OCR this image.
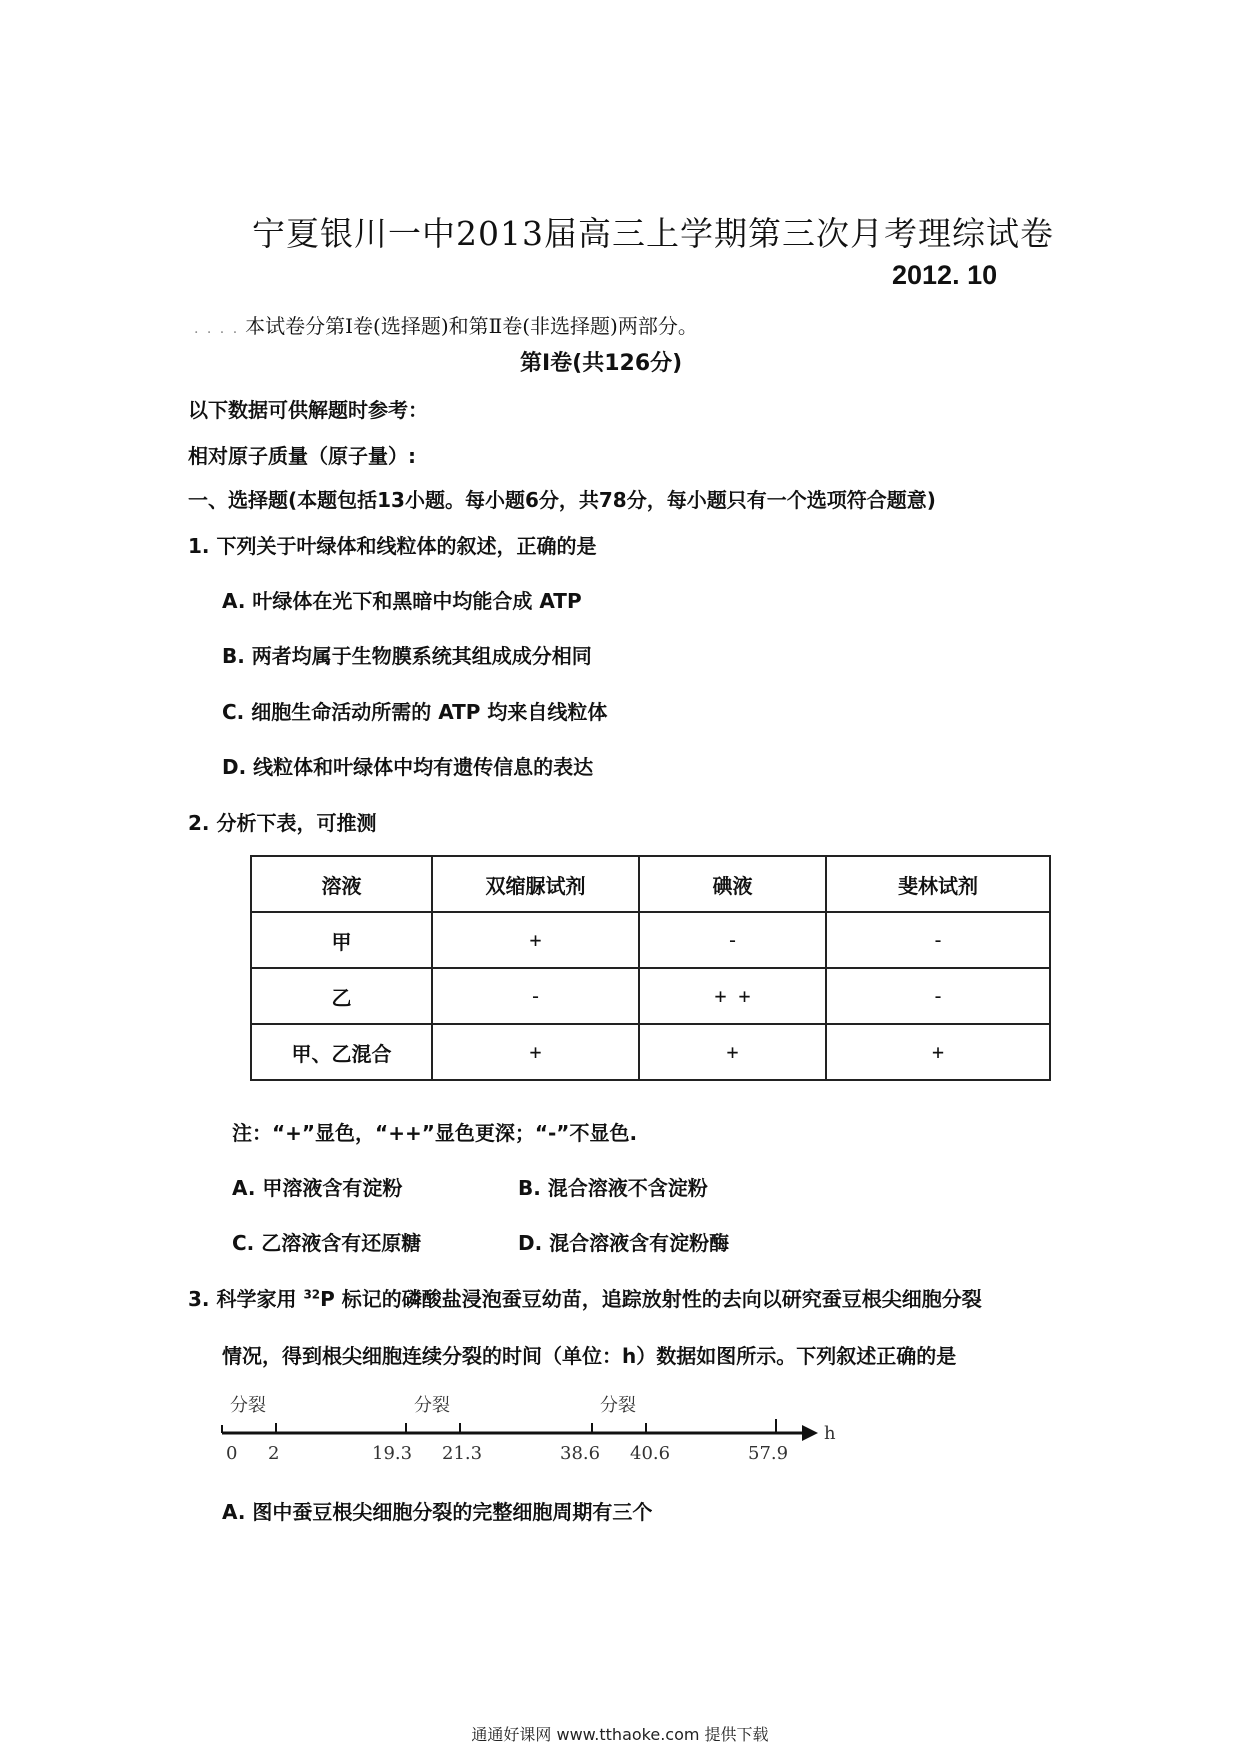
宁夏银川一中2013届高三上学期第三次月考理综试卷
2012. 10
. . . . 本试卷分第Ⅰ卷(选择题)和第Ⅱ卷(非选择题)两部分。
第Ⅰ卷(共126分)
以下数据可供解题时参考：
相对原子质量（原子量）:
一、选择题(本题包括13小题。每小题6分，共78分，每小题只有一个选项符合题意)
1. 下列关于叶绿体和线粒体的叙述，正确的是
A. 叶绿体在光下和黑暗中均能合成 ATP
B. 两者均属于生物膜系统其组成成分相同
C. 细胞生命活动所需的 ATP 均来自线粒体
D. 线粒体和叶绿体中均有遗传信息的表达
2. 分析下表，可推测
溶液	双缩脲试剂	碘液	斐林试剂
甲	+	-	-
乙	-	+ +	-
甲、乙混合	+	+	+
注：“+”显色，“++”显色更深；“-”不显色.
A. 甲溶液含有淀粉	B. 混合溶液不含淀粉
C. 乙溶液含有还原糖	D. 混合溶液含有淀粉酶
3. 科学家用 $^{32}$P 标记的磷酸盐浸泡蚕豆幼苗，追踪放射性的去向以研究蚕豆根尖细胞分裂
情况，得到根尖细胞连续分裂的时间（单位：h）数据如图所示。下列叙述正确的是
分裂	分裂	分裂
0 2	19.3 21.3	38.6 40.6	57.9
h
A. 图中蚕豆根尖细胞分裂的完整细胞周期有三个
通通好课网 www.tthaoke.com 提供下载
